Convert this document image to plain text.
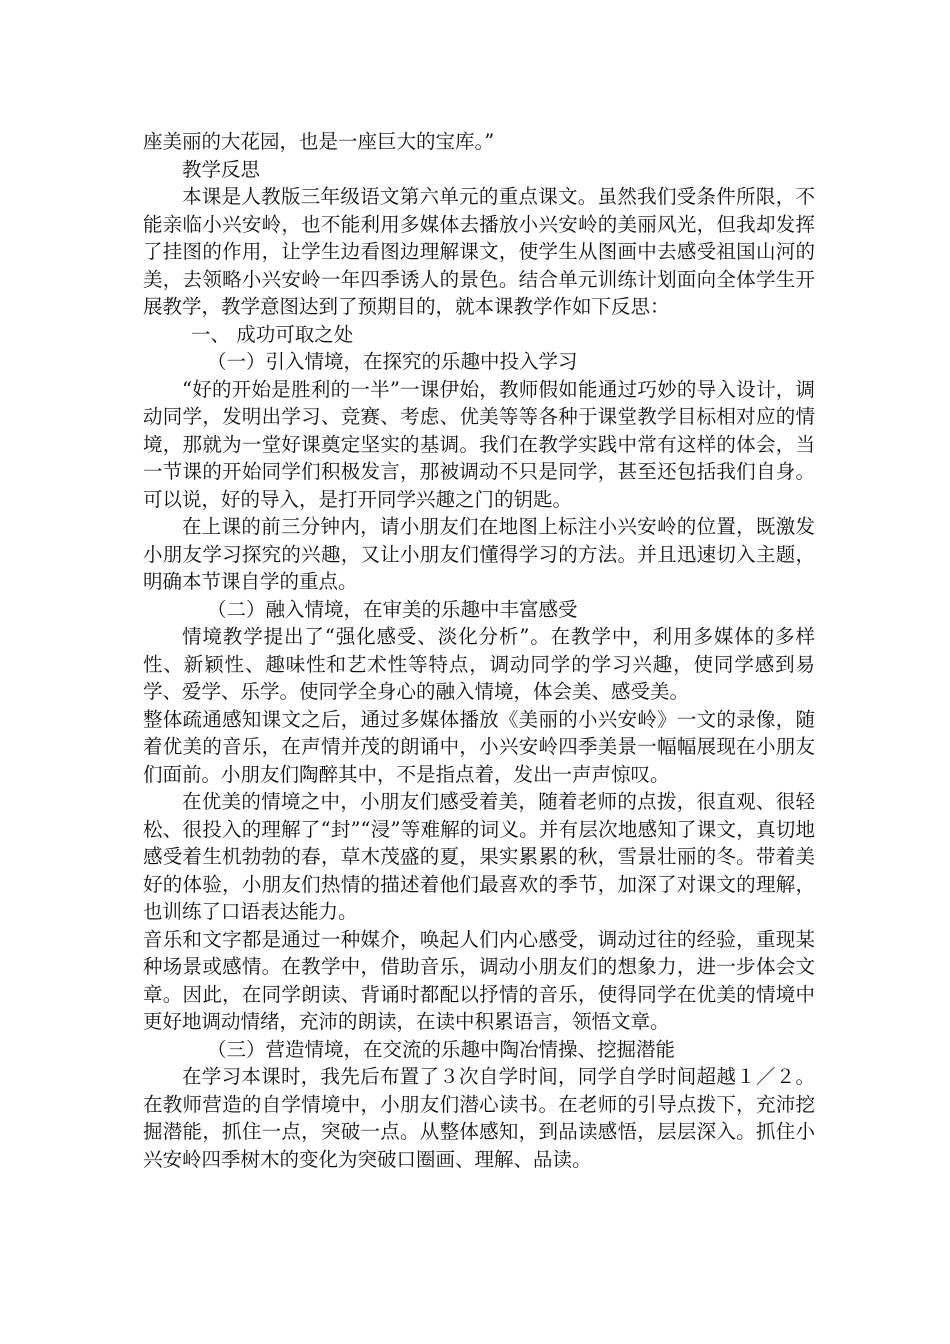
座美丽的大花园，也是一座巨大的宝库。”

教学反思

本课是人教版三年级语文第六单元的重点课文。虽然我们受条件所限，不能亲临小兴安岭，也不能利用多媒体去播放小兴安岭的美丽风光，但我却发挥了挂图的作用，让学生边看图边理解课文，使学生从图画中去感受祖国山河的美，去领略小兴安岭一年四季诱人的景色。结合单元训练计划面向全体学生开展教学，教学意图达到了预期目的，就本课教学作如下反思：

一、 成功可取之处

（一）引入情境，在探究的乐趣中投入学习

“好的开始是胜利的一半”一课伊始，教师假如能通过巧妙的导入设计，调动同学，发明出学习、竞赛、考虑、优美等等各种于课堂教学目标相对应的情境，那就为一堂好课奠定坚实的基调。我们在教学实践中常有这样的体会，当一节课的开始同学们积极发言，那被调动不只是同学，甚至还包括我们自身。可以说，好的导入，是打开同学兴趣之门的钥匙。

在上课的前三分钟内，请小朋友们在地图上标注小兴安岭的位置，既激发小朋友学习探究的兴趣，又让小朋友们懂得学习的方法。并且迅速切入主题，明确本节课自学的重点。

（二）融入情境，在审美的乐趣中丰富感受

情境教学提出了“强化感受、淡化分析”。在教学中，利用多媒体的多样性、新颖性、趣味性和艺术性等特点，调动同学的学习兴趣，使同学感到易学、爱学、乐学。使同学全身心的融入情境，体会美、感受美。

整体疏通感知课文之后，通过多媒体播放《美丽的小兴安岭》一文的录像，随着优美的音乐，在声情并茂的朗诵中，小兴安岭四季美景一幅幅展现在小朋友们面前。小朋友们陶醉其中，不是指点着，发出一声声惊叹。

在优美的情境之中，小朋友们感受着美，随着老师的点拨，很直观、很轻松、很投入的理解了“封”“浸”等难解的词义。并有层次地感知了课文，真切地感受着生机勃勃的春，草木茂盛的夏，果实累累的秋，雪景壮丽的冬。带着美好的体验，小朋友们热情的描述着他们最喜欢的季节，加深了对课文的理解，也训练了口语表达能力。

音乐和文字都是通过一种媒介，唤起人们内心感受，调动过往的经验，重现某种场景或感情。在教学中，借助音乐，调动小朋友们的想象力，进一步体会文章。因此，在同学朗读、背诵时都配以抒情的音乐，使得同学在优美的情境中更好地调动情绪，充沛的朗读，在读中积累语言，领悟文章。

（三）营造情境，在交流的乐趣中陶冶情操、挖掘潜能

在学习本课时，我先后布置了３次自学时间，同学自学时间超越１／２。在教师营造的自学情境中，小朋友们潜心读书。在老师的引导点拨下，充沛挖掘潜能，抓住一点，突破一点。从整体感知，到品读感悟，层层深入。抓住小兴安岭四季树木的变化为突破口圈画、理解、品读。
